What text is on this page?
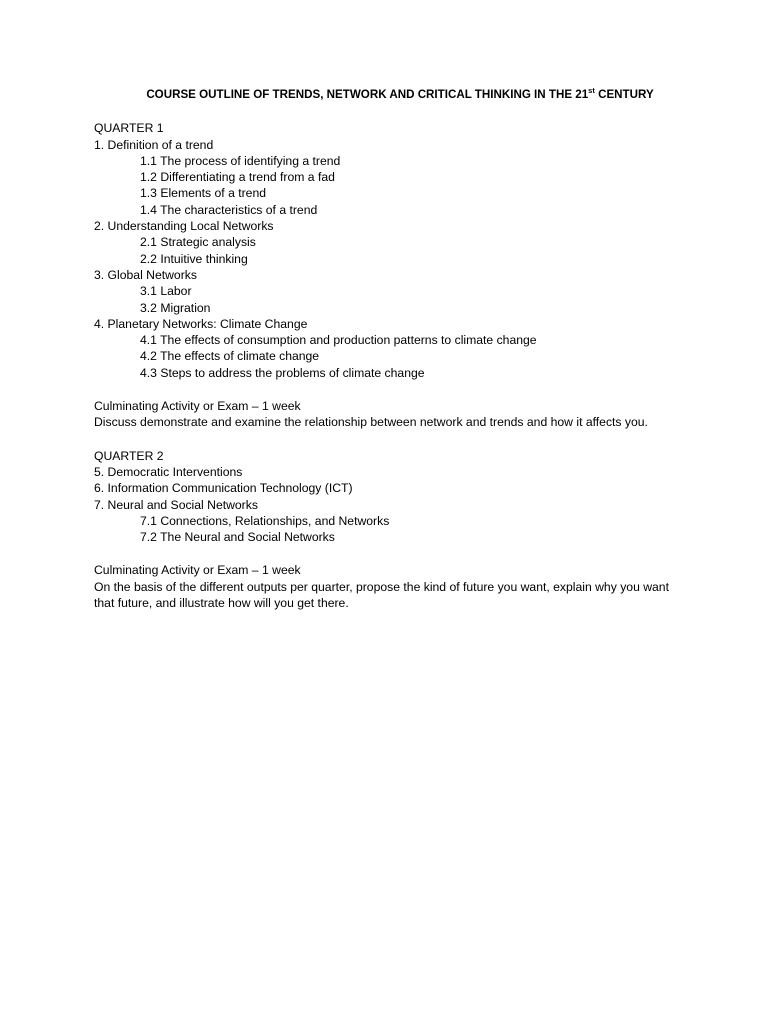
COURSE OUTLINE OF TRENDS, NETWORK AND CRITICAL THINKING IN THE 21st CENTURY
QUARTER 1
1. Definition of a trend
1.1 The process of identifying a trend
1.2 Differentiating a trend from a fad
1.3 Elements of a trend
1.4 The characteristics of a trend
2. Understanding Local Networks
2.1 Strategic analysis
2.2 Intuitive thinking
3. Global Networks
3.1 Labor
3.2 Migration
4. Planetary Networks: Climate Change
4.1 The effects of consumption and production patterns to climate change
4.2 The effects of climate change
4.3 Steps to address the problems of climate change
Culminating Activity or Exam – 1 week
Discuss demonstrate and examine the relationship between network and trends and how it affects you.
QUARTER 2
5. Democratic Interventions
6. Information Communication Technology (ICT)
7. Neural and Social Networks
7.1 Connections, Relationships, and Networks
7.2 The Neural and Social Networks
Culminating Activity or Exam – 1 week
On the basis of the different outputs per quarter, propose the kind of future you want, explain why you want that future, and illustrate how will you get there.
